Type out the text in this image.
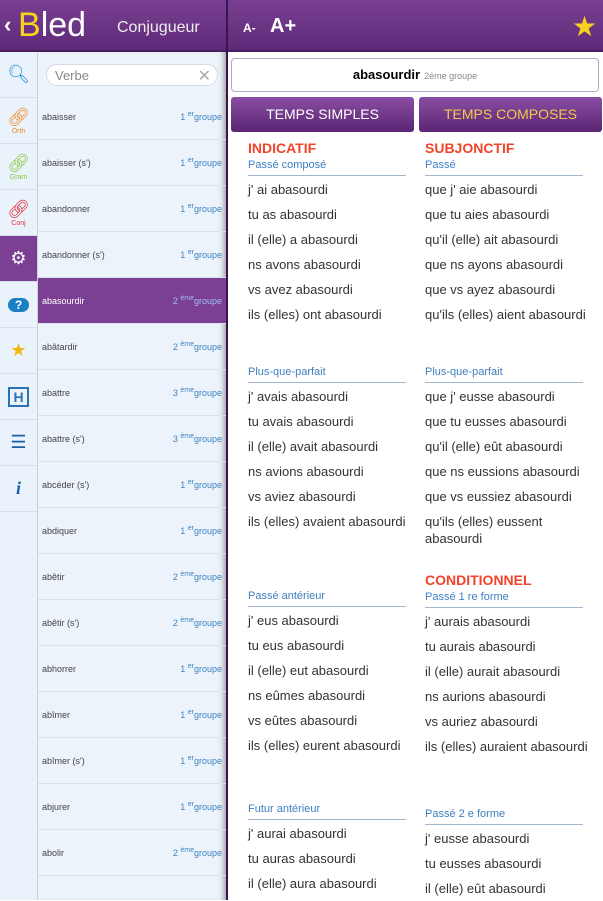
‹ Bled Conjugueur	A- A+	★
🔍︎
🔗︎
Orth
🔗︎
Gram
🔗︎
Conj
⚙
?
★
H
☰
i
Verbe	✕
abaisser	1 $^{er}$groupe
abaisser (s')	1 $^{er}$groupe
abandonner	1 $^{er}$groupe
abandonner (s')	1 $^{er}$groupe
abasourdir	2 $^{ème}$groupe
abâtardir	2 $^{ème}$groupe
abattre	3 $^{ème}$groupe
abattre (s')	3 $^{ème}$groupe
abcéder (s')	1 $^{er}$groupe
abdiquer	1 $^{er}$groupe
abêtir	2 $^{ème}$groupe
abêtir (s')	2 $^{ème}$groupe
abhorrer	1 $^{er}$groupe
abîmer	1 $^{er}$groupe
abîmer (s')	1 $^{er}$groupe
abjurer	1 $^{er}$groupe
abolir	2 $^{ème}$groupe
abasourdir 2ème groupe
TEMPS SIMPLES	TEMPS COMPOSES
INDICATIF
Passé composé
j' ai abasourdi
tu as abasourdi
il (elle) a abasourdi
ns avons abasourdi
vs avez abasourdi
ils (elles) ont abasourdi
Plus-que-parfait
j' avais abasourdi
tu avais abasourdi
il (elle) avait abasourdi
ns avions abasourdi
vs aviez abasourdi
ils (elles) avaient abasourdi
Passé antérieur
j' eus abasourdi
tu eus abasourdi
il (elle) eut abasourdi
ns eûmes abasourdi
vs eûtes abasourdi
ils (elles) eurent abasourdi
Futur antérieur
j' aurai abasourdi
tu auras abasourdi
il (elle) aura abasourdi
SUBJONCTIF
Passé
que j' aie abasourdi
que tu aies abasourdi
qu'il (elle) ait abasourdi
que ns ayons abasourdi
que vs ayez abasourdi
qu'ils (elles) aient abasourdi
Plus-que-parfait
que j' eusse abasourdi
que tu eusses abasourdi
qu'il (elle) eût abasourdi
que ns eussions abasourdi
que vs eussiez abasourdi
qu'ils (elles) eussent abasourdi
CONDITIONNEL
Passé 1 re forme
j' aurais abasourdi
tu aurais abasourdi
il (elle) aurait abasourdi
ns aurions abasourdi
vs auriez abasourdi
ils (elles) auraient abasourdi
Passé 2 e forme
j' eusse abasourdi
tu eusses abasourdi
il (elle) eût abasourdi
